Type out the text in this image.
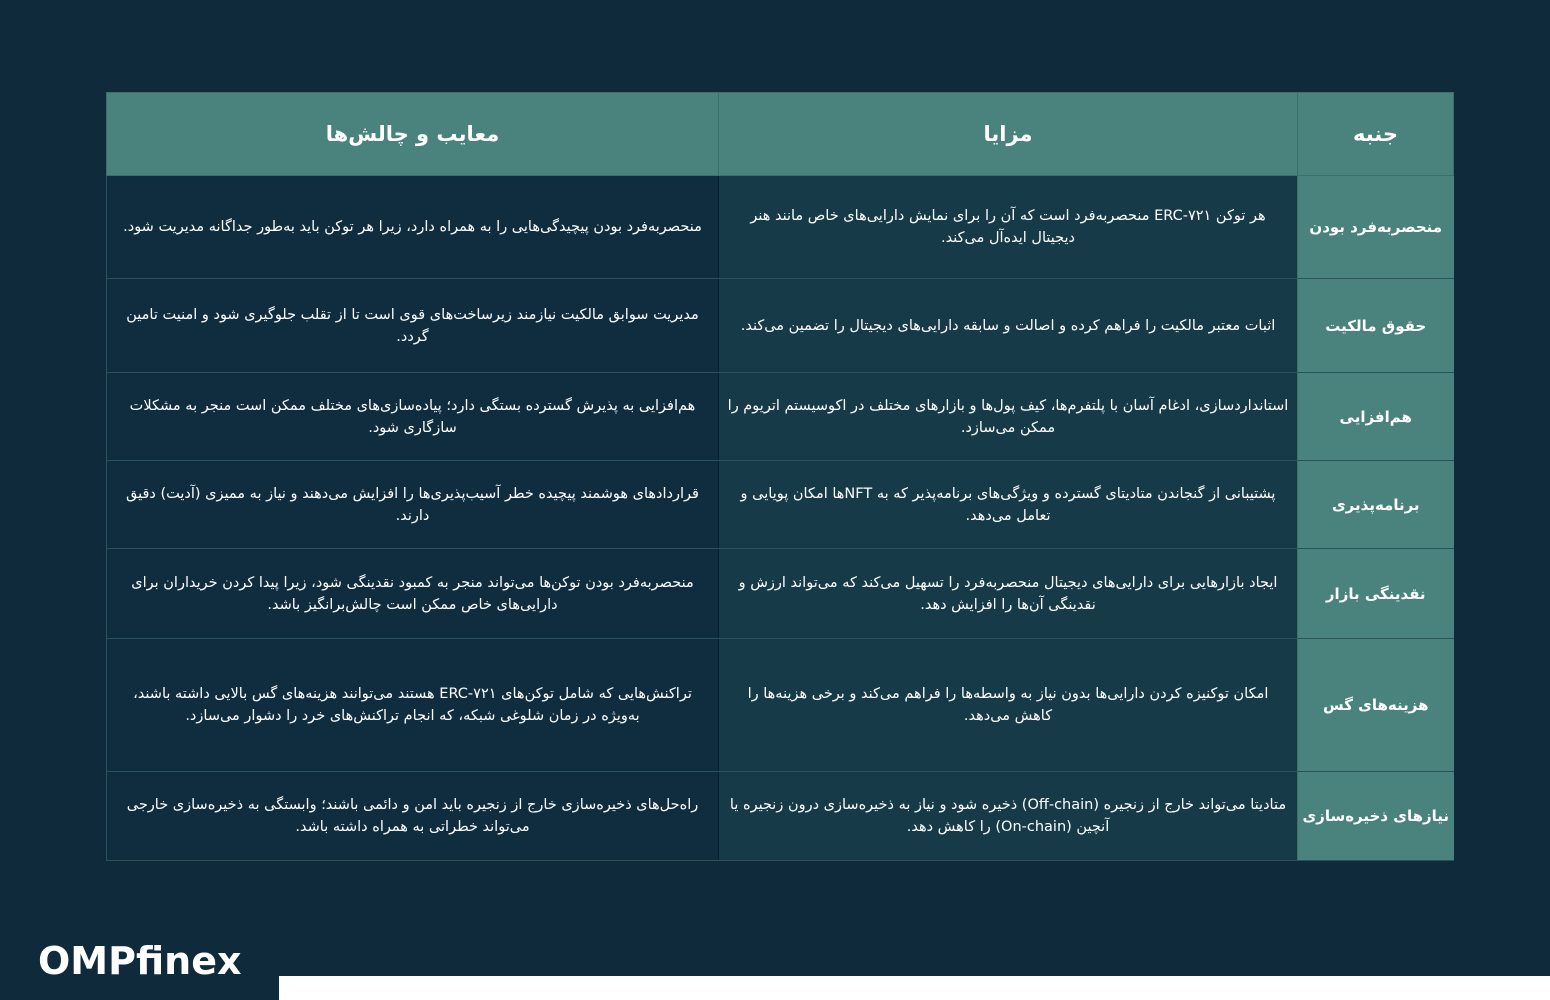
جنبه	مزایا	معایب و چالش‌ها
منحصربه‌فرد بودن	هر توکن ERC-۷۲۱ منحصربه‌فرد است که آن را برای نمایش دارایی‌های خاص مانند هنر دیجیتال ایده‌آل می‌کند.	منحصربه‌فرد بودن پیچیدگی‌هایی را به همراه دارد، زیرا هر توکن باید به‌طور جداگانه مدیریت شود.
حقوق مالکیت	اثبات معتبر مالکیت را فراهم کرده و اصالت و سابقه دارایی‌های دیجیتال را تضمین می‌کند.	مدیریت سوابق مالکیت نیازمند زیرساخت‌های قوی است تا از تقلب جلوگیری شود و امنیت تامین گردد.
هم‌افزایی	استانداردسازی، ادغام آسان با پلتفرم‌ها، کیف پول‌ها و بازارهای مختلف در اکوسیستم اتریوم را ممکن می‌سازد.	هم‌افزایی به پذیرش گسترده بستگی دارد؛ پیاده‌سازی‌های مختلف ممکن است منجر به مشکلات سازگاری شود.
برنامه‌پذیری	پشتیبانی از گنجاندن متادیتای گسترده و ویژگی‌های برنامه‌پذیر که به NFTها امکان پویایی و تعامل می‌دهد.	قراردادهای هوشمند پیچیده خطر آسیب‌پذیری‌ها را افزایش می‌دهند و نیاز به ممیزی (آدیت) دقیق دارند.
نقدینگی بازار	ایجاد بازارهایی برای دارایی‌های دیجیتال منحصربه‌فرد را تسهیل می‌کند که می‌تواند ارزش و نقدینگی آن‌ها را افزایش دهد.	منحصربه‌فرد بودن توکن‌ها می‌تواند منجر به کمبود نقدینگی شود، زیرا پیدا کردن خریداران برای دارایی‌های خاص ممکن است چالش‌برانگیز باشد.
هزینه‌های گس	امکان توکنیزه کردن دارایی‌ها بدون نیاز به واسطه‌ها را فراهم می‌کند و برخی هزینه‌ها را کاهش می‌دهد.	تراکنش‌هایی که شامل توکن‌های ERC-۷۲۱ هستند می‌توانند هزینه‌های گس بالایی داشته باشند، به‌ویژه در زمان شلوغی شبکه، که انجام تراکنش‌های خرد را دشوار می‌سازد.
نیازهای ذخیره‌سازی	متادیتا می‌تواند خارج از زنجیره (Off-chain) ذخیره شود و نیاز به ذخیره‌سازی درون زنجیره یا آنچین (On-chain) را کاهش دهد.	راه‌حل‌های ذخیره‌سازی خارج از زنجیره باید امن و دائمی باشند؛ وابستگی به ذخیره‌سازی خارجی می‌تواند خطراتی به همراه داشته باشد.
OMPfnex
